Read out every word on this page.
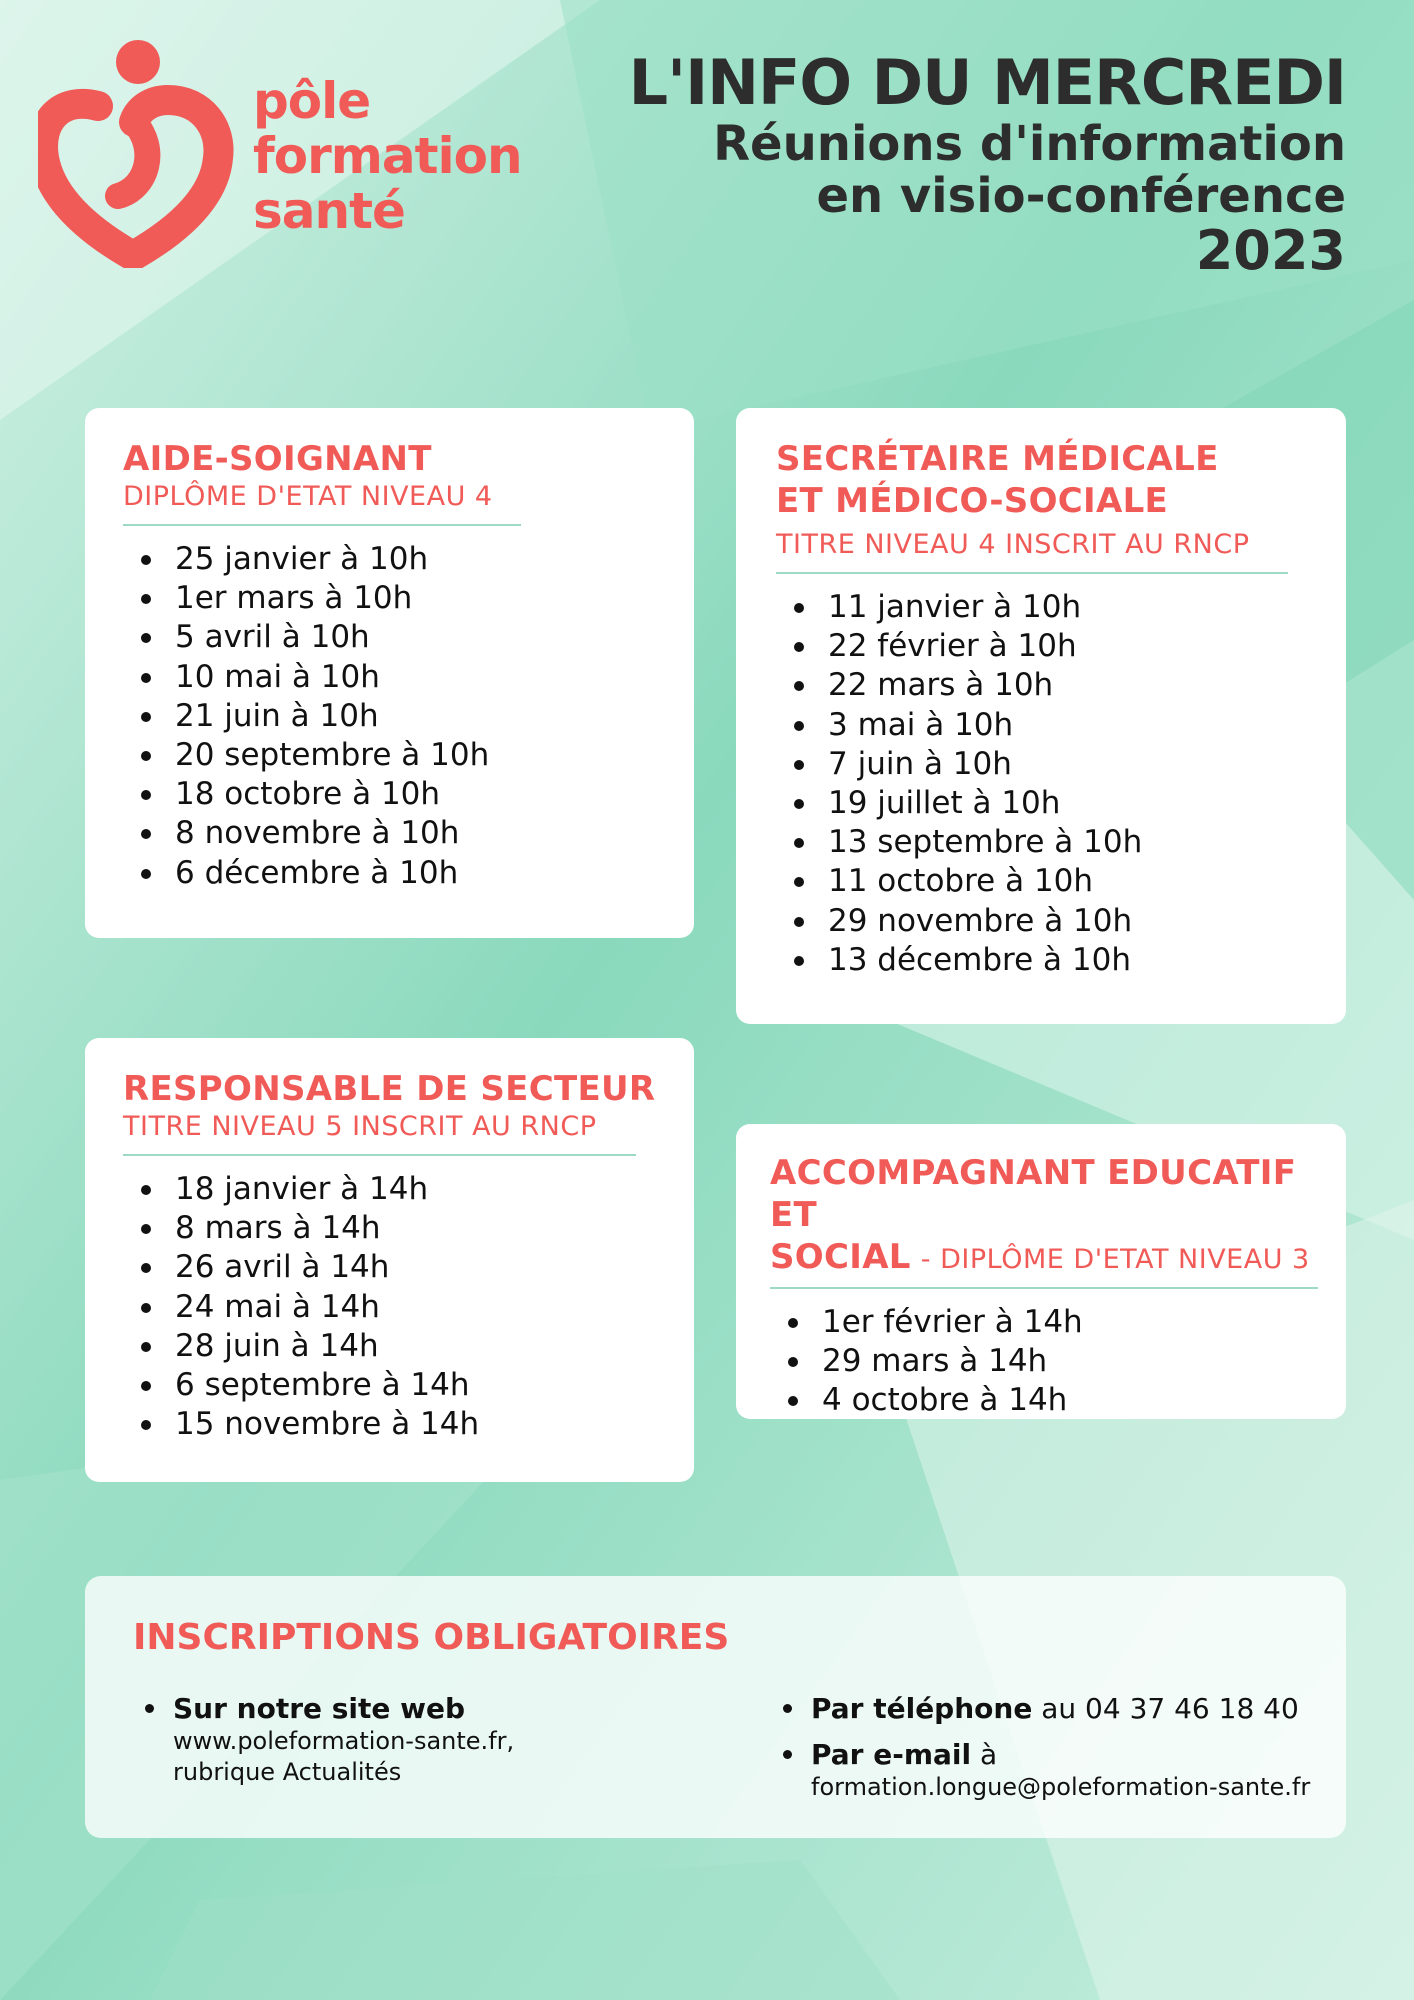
pôle
formation
santé

L'INFO DU MERCREDI
Réunions d'information
en visio-conférence
2023
AIDE-SOIGNANT
DIPLÔME D'ETAT NIVEAU 4
25 janvier à 10h
1er mars à 10h
5 avril à 10h
10 mai à 10h
21 juin à 10h
20 septembre à 10h
18 octobre à 10h
8 novembre à 10h
6 décembre à 10h
SECRÉTAIRE MÉDICALE
ET MÉDICO-SOCIALE
TITRE NIVEAU 4 INSCRIT AU RNCP
11 janvier à 10h
22 février à 10h
22 mars à 10h
3 mai à 10h
7 juin à 10h
19 juillet à 10h
13 septembre à 10h
11 octobre à 10h
29 novembre à 10h
13 décembre à 10h
RESPONSABLE DE SECTEUR
TITRE NIVEAU 5 INSCRIT AU RNCP
18 janvier à 14h
8 mars à 14h
26 avril à 14h
24 mai à 14h
28 juin à 14h
6 septembre à 14h
15 novembre à 14h
ACCOMPAGNANT EDUCATIF ET
SOCIAL - DIPLÔME D'ETAT NIVEAU 3
1er février à 14h
29 mars à 14h
4 octobre à 14h
INSCRIPTIONS OBLIGATOIRES
Sur notre site web
www.poleformation-sante.fr,
rubrique Actualités
Par téléphone au 04 37 46 18 40
Par e-mail à
formation.longue@poleformation-sante.fr
